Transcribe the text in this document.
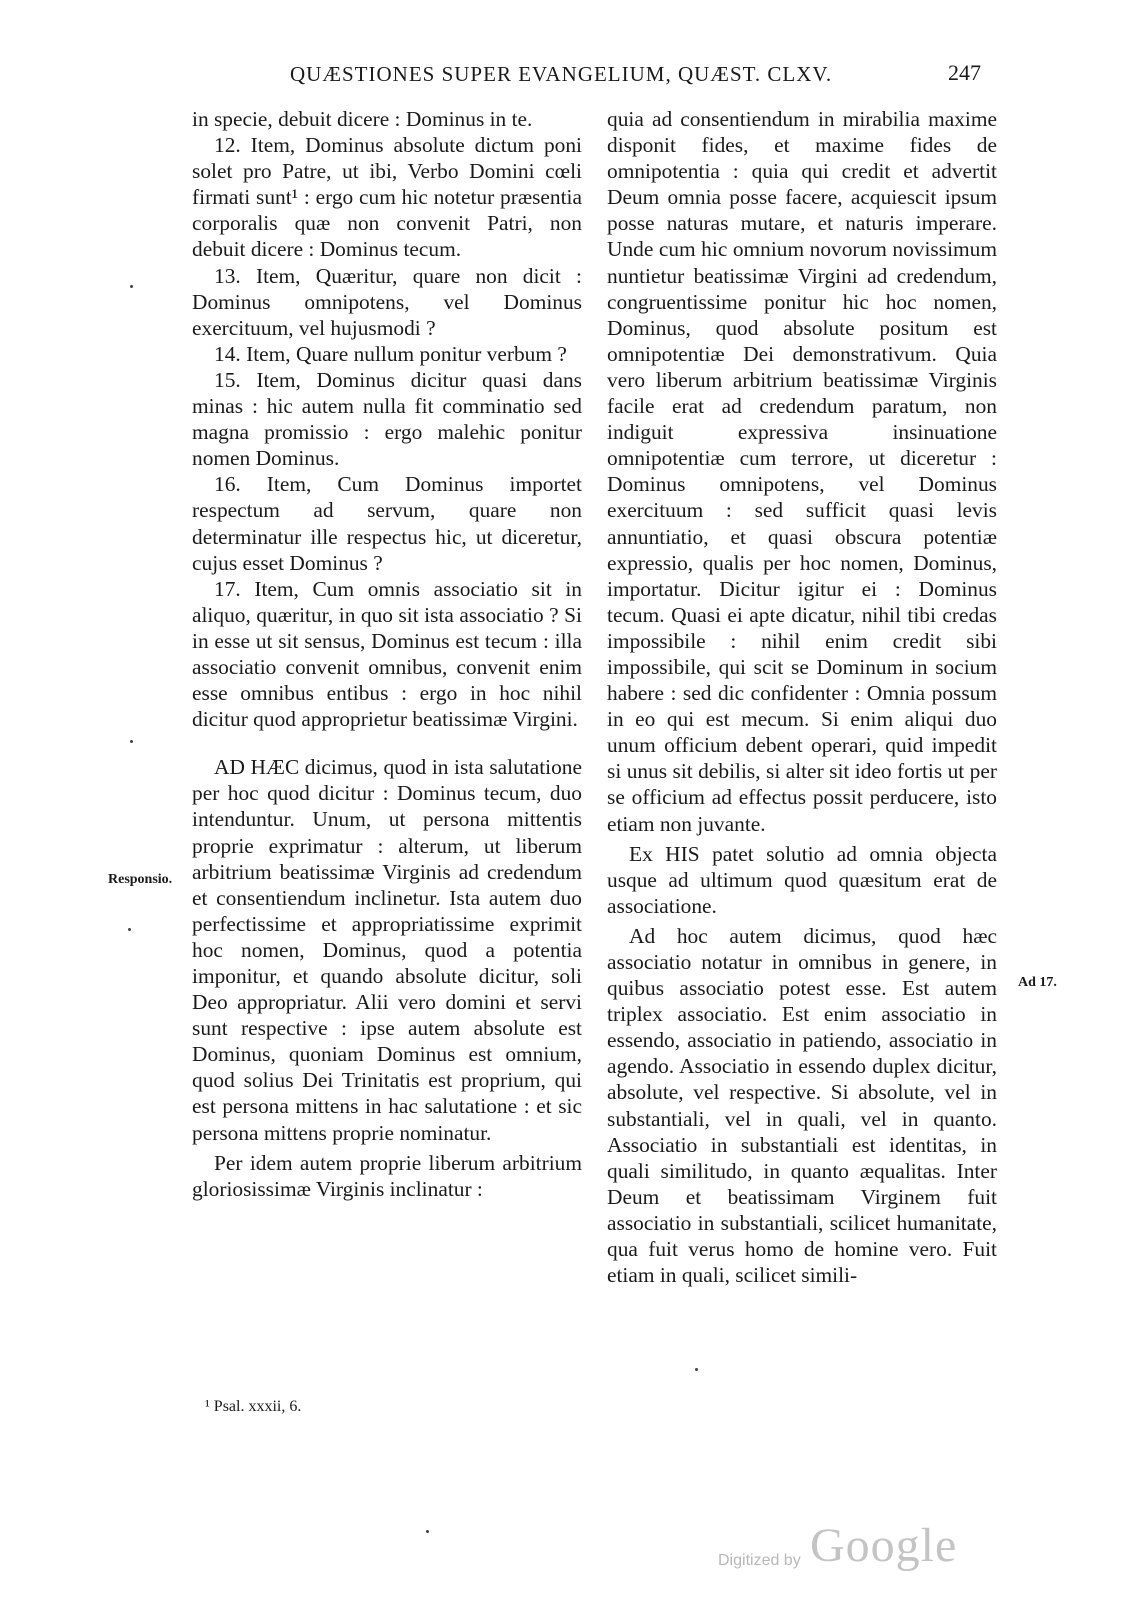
QUÆSTIONES SUPER EVANGELIUM, QUÆST. CLXV.	247

in specie, debuit dicere : Dominus in te.

12. Item, Dominus absolute dictum poni solet pro Patre, ut ibi, Verbo Domini cœli firmati sunt¹ : ergo cum hic notetur præsentia corporalis quæ non convenit Patri, non debuit dicere : Dominus tecum.

13. Item, Quæritur, quare non dicit : Dominus omnipotens, vel Dominus exercituum, vel hujusmodi ?

14. Item, Quare nullum ponitur verbum ?

15. Item, Dominus dicitur quasi dans minas : hic autem nulla fit comminatio sed magna promissio : ergo malehic ponitur nomen Dominus.

16. Item, Cum Dominus importet respectum ad servum, quare non determinatur ille respectus hic, ut diceretur, cujus esset Dominus ?

17. Item, Cum omnis associatio sit in aliquo, quæritur, in quo sit ista associatio ? Si in esse ut sit sensus, Dominus est tecum : illa associatio convenit omnibus, convenit enim esse omnibus entibus : ergo in hoc nihil dicitur quod approprietur beatissimæ Virgini.

AD HÆC dicimus, quod in ista salutatione per hoc quod dicitur : Dominus tecum, duo intenduntur. Unum, ut persona mittentis proprie exprimatur : alterum, ut liberum arbitrium beatissimæ Virginis ad credendum et consentiendum inclinetur. Ista autem duo perfectissime et appropriatissime exprimit hoc nomen, Dominus, quod a potentia imponitur, et quando absolute dicitur, soli Deo appropriatur. Alii vero domini et servi sunt respective : ipse autem absolute est Dominus, quoniam Dominus est omnium, quod solius Dei Trinitatis est proprium, qui est persona mittens in hac salutatione : et sic persona mittens proprie nominatur.

Per idem autem proprie liberum arbitrium gloriosissimæ Virginis inclinatur :

quia ad consentiendum in mirabilia maxime disponit fides, et maxime fides de omnipotentia : quia qui credit et advertit Deum omnia posse facere, acquiescit ipsum posse naturas mutare, et naturis imperare. Unde cum hic omnium novorum novissimum nuntietur beatissimæ Virgini ad credendum, congruentissime ponitur hic hoc nomen, Dominus, quod absolute positum est omnipotentiæ Dei demonstrativum. Quia vero liberum arbitrium beatissimæ Virginis facile erat ad credendum paratum, non indiguit expressiva insinuatione omnipotentiæ cum terrore, ut diceretur : Dominus omnipotens, vel Dominus exercituum : sed sufficit quasi levis annuntiatio, et quasi obscura potentiæ expressio, qualis per hoc nomen, Dominus, importatur. Dicitur igitur ei : Dominus tecum. Quasi ei apte dicatur, nihil tibi credas impossibile : nihil enim credit sibi impossibile, qui scit se Dominum in socium habere : sed dic confidenter : Omnia possum in eo qui est mecum. Si enim aliqui duo unum officium debent operari, quid impedit si unus sit debilis, si alter sit ideo fortis ut per se officium ad effectus possit perducere, isto etiam non juvante.

Ex HIS patet solutio ad omnia objecta usque ad ultimum quod quæsitum erat de associatione.

Ad hoc autem dicimus, quod hæc associatio notatur in omnibus in genere, in quibus associatio potest esse. Est autem triplex associatio. Est enim associatio in essendo, associatio in patiendo, associatio in agendo. Associatio in essendo duplex dicitur, absolute, vel respective. Si absolute, vel in substantiali, vel in quali, vel in quanto. Associatio in substantiali est identitas, in quali similitudo, in quanto æqualitas. Inter Deum et beatissimam Virginem fuit associatio in substantiali, scilicet humanitate, qua fuit verus homo de homine vero. Fuit etiam in quali, scilicet simili-

Responsio.
Ad 17.
¹ Psal. xxxii, 6.
Digitized by Google
